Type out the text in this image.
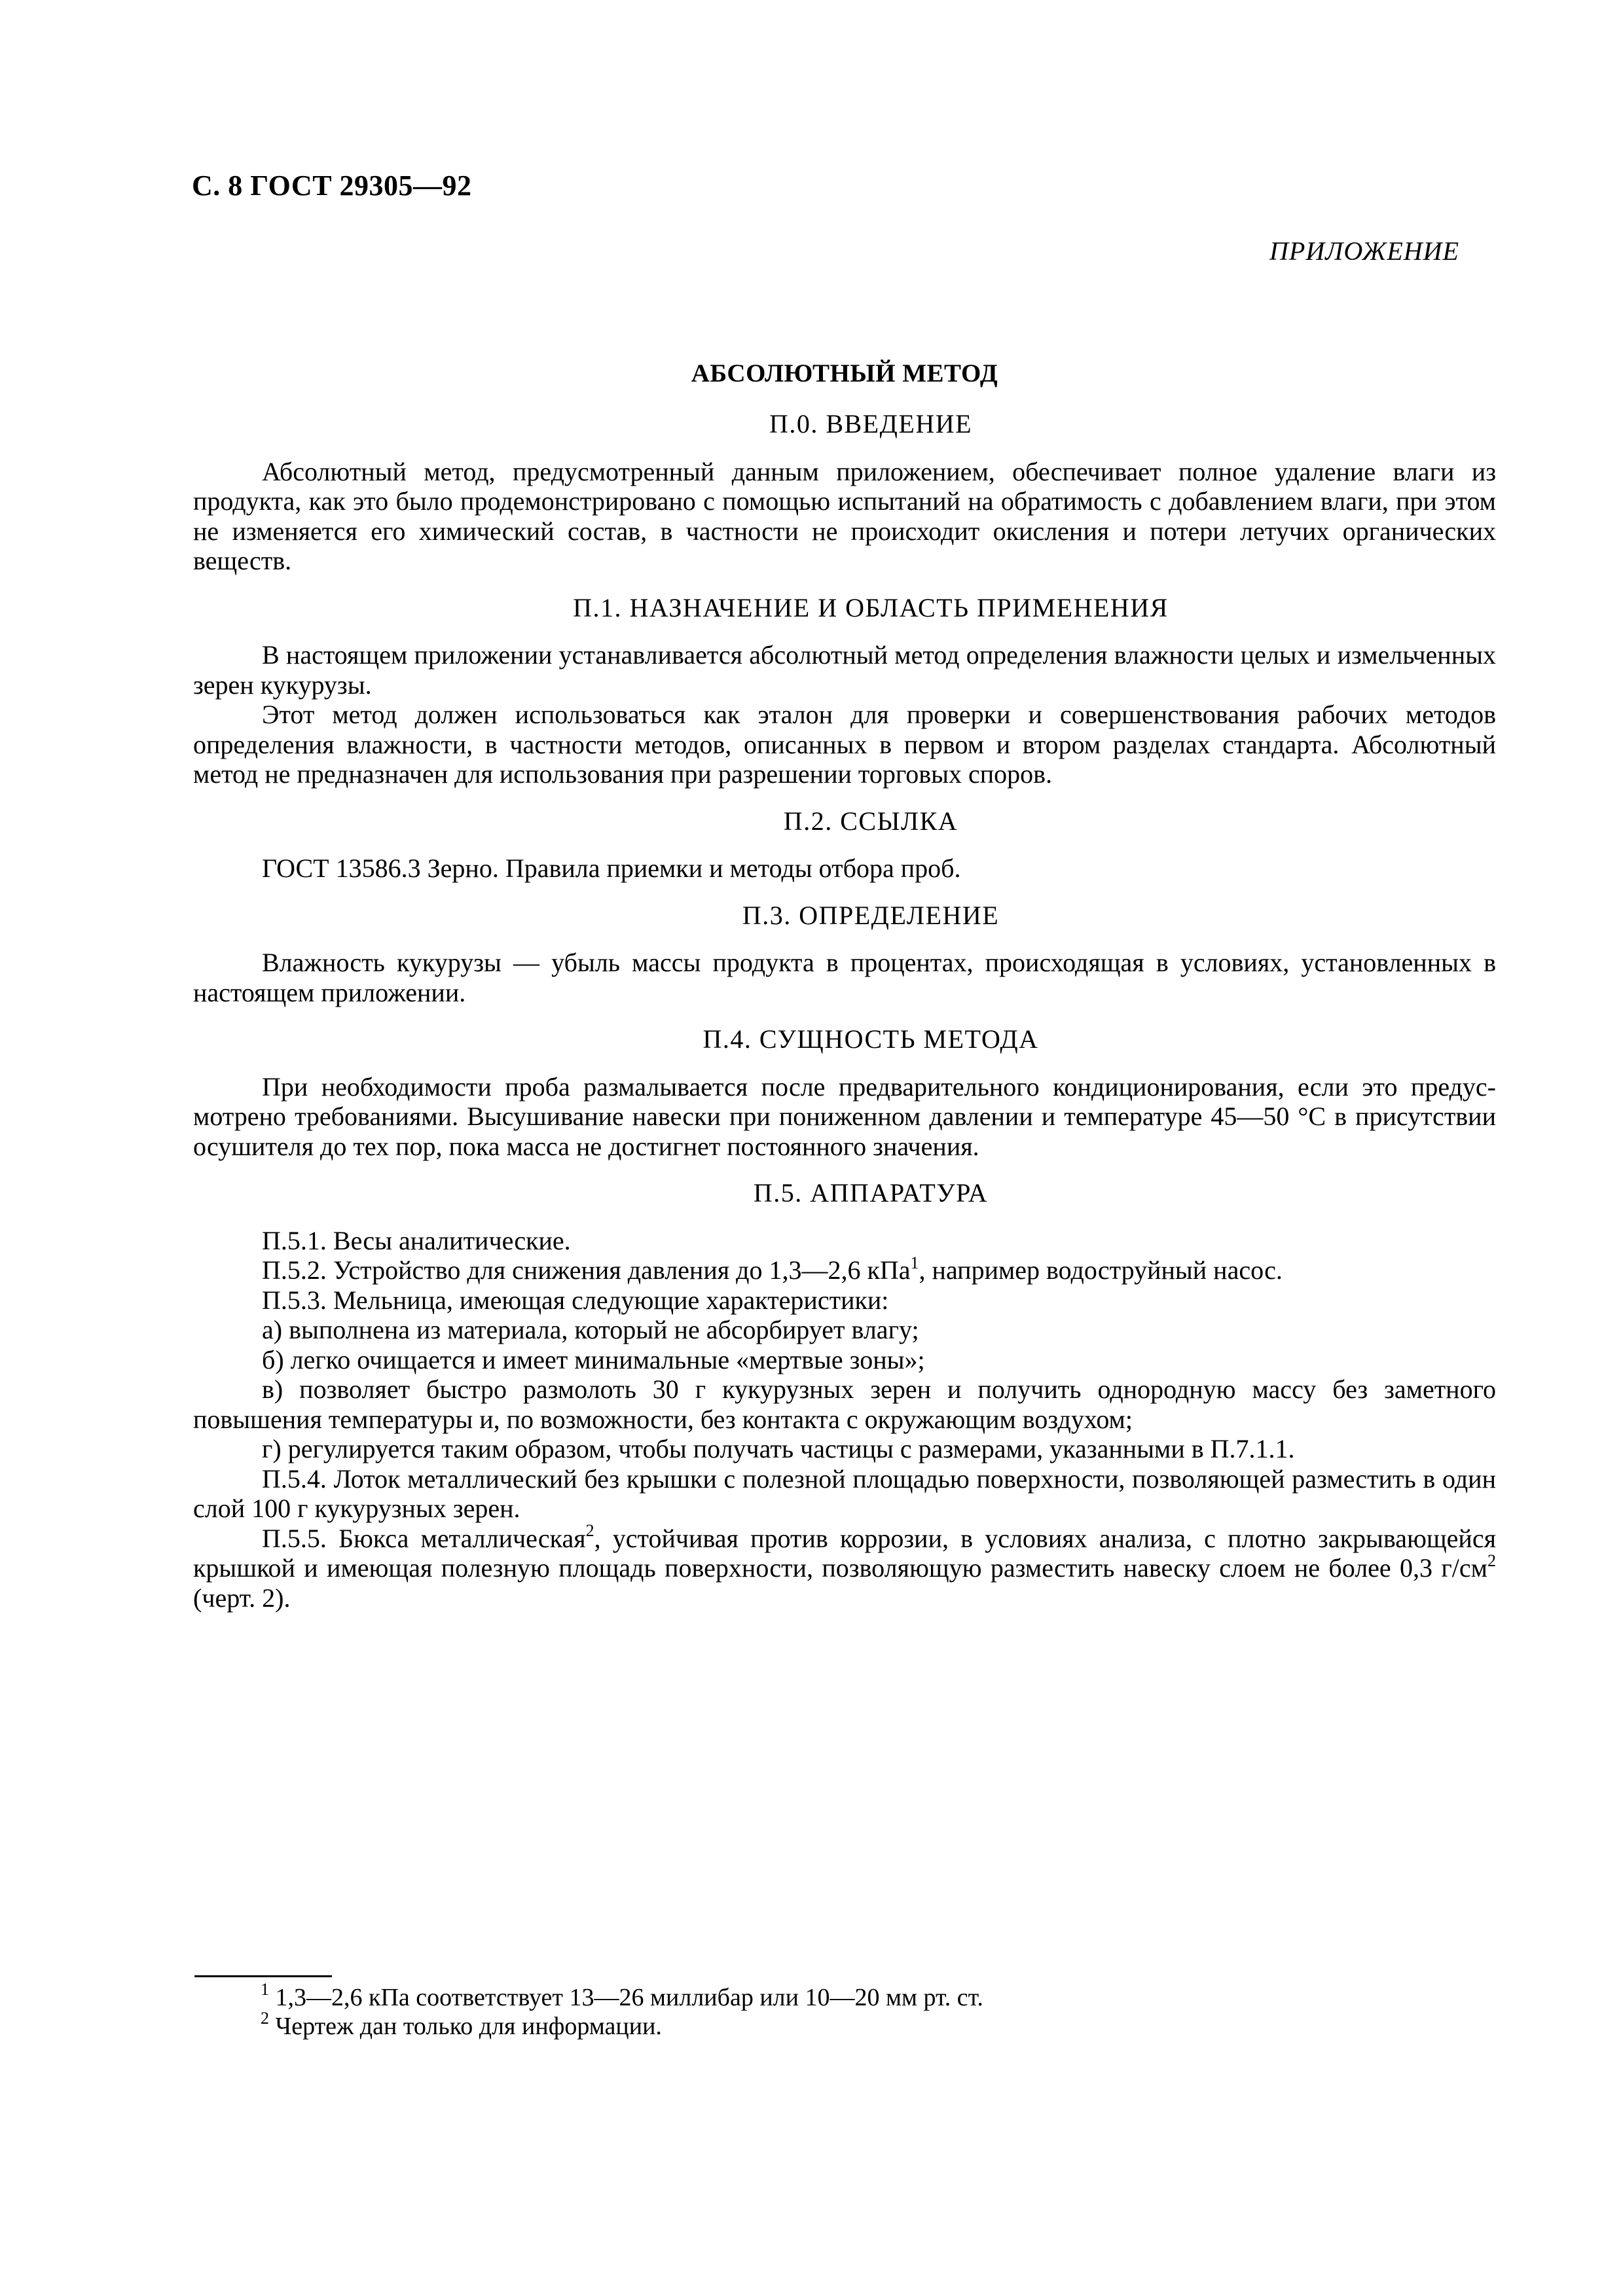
С. 8 ГОСТ 29305—92
ПРИЛОЖЕНИЕ
АБСОЛЮТНЫЙ МЕТОД
П.0. ВВЕДЕНИЕ

Абсолютный метод, предусмотренный данным приложением, обеспечивает полное удаление влаги из продукта, как это было продемонстрировано с помощью испытаний на обратимость с добавлением влаги, при этом не изменяется его химический состав, в частности не происходит окисления и потери летучих органических веществ.

П.1. НАЗНАЧЕНИЕ И ОБЛАСТЬ ПРИМЕНЕНИЯ

В настоящем приложении устанавливается абсолютный метод определения влажности целых и измельченных зерен кукурузы.

Этот метод должен использоваться как эталон для проверки и совершенствования рабочих методов определения влажности, в частности методов, описанных в первом и втором разделах стандарта. Абсолютный метод не предназначен для использования при разрешении торговых споров.

П.2. ССЫЛКА

ГОСТ 13586.3 Зерно. Правила приемки и методы отбора проб.

П.3. ОПРЕДЕЛЕНИЕ

Влажность кукурузы — убыль массы продукта в процентах, происходящая в условиях, установленных в настоящем приложении.

П.4. СУЩНОСТЬ МЕТОДА

При необходимости проба размалывается после предварительного кондиционирования, если это предусмотрено требованиями. Высушивание навески при пониженном давлении и температуре 45—50 °С в присутствии осушителя до тех пор, пока масса не достигнет постоянного значения.

П.5. АППАРАТУРА

П.5.1. Весы аналитические.

П.5.2. Устройство для снижения давления до 1,3—2,6 кПа$^1$, например водоструйный насос.

П.5.3. Мельница, имеющая следующие характеристики:

а) выполнена из материала, который не абсорбирует влагу;

б) легко очищается и имеет минимальные «мертвые зоны»;

в) позволяет быстро размолоть 30 г кукурузных зерен и получить однородную массу без заметного повышения температуры и, по возможности, без контакта с окружающим воздухом;

г) регулируется таким образом, чтобы получать частицы с размерами, указанными в П.7.1.1.

П.5.4. Лоток металлический без крышки с полезной площадью поверхности, позволяющей разместить в один слой 100 г кукурузных зерен.

П.5.5. Бюкса металлическая$^2$, устойчивая против коррозии, в условиях анализа, с плотно закрывающейся крышкой и имеющая полезную площадь поверхности, позволяющую разместить навеску слоем не более 0,3 $г/см^2$ (черт. 2).

$^1$ 1,3—2,6 кПа соответствует 13—26 миллибар или 10—20 мм рт. ст.

$^2$ Чертеж дан только для информации.
